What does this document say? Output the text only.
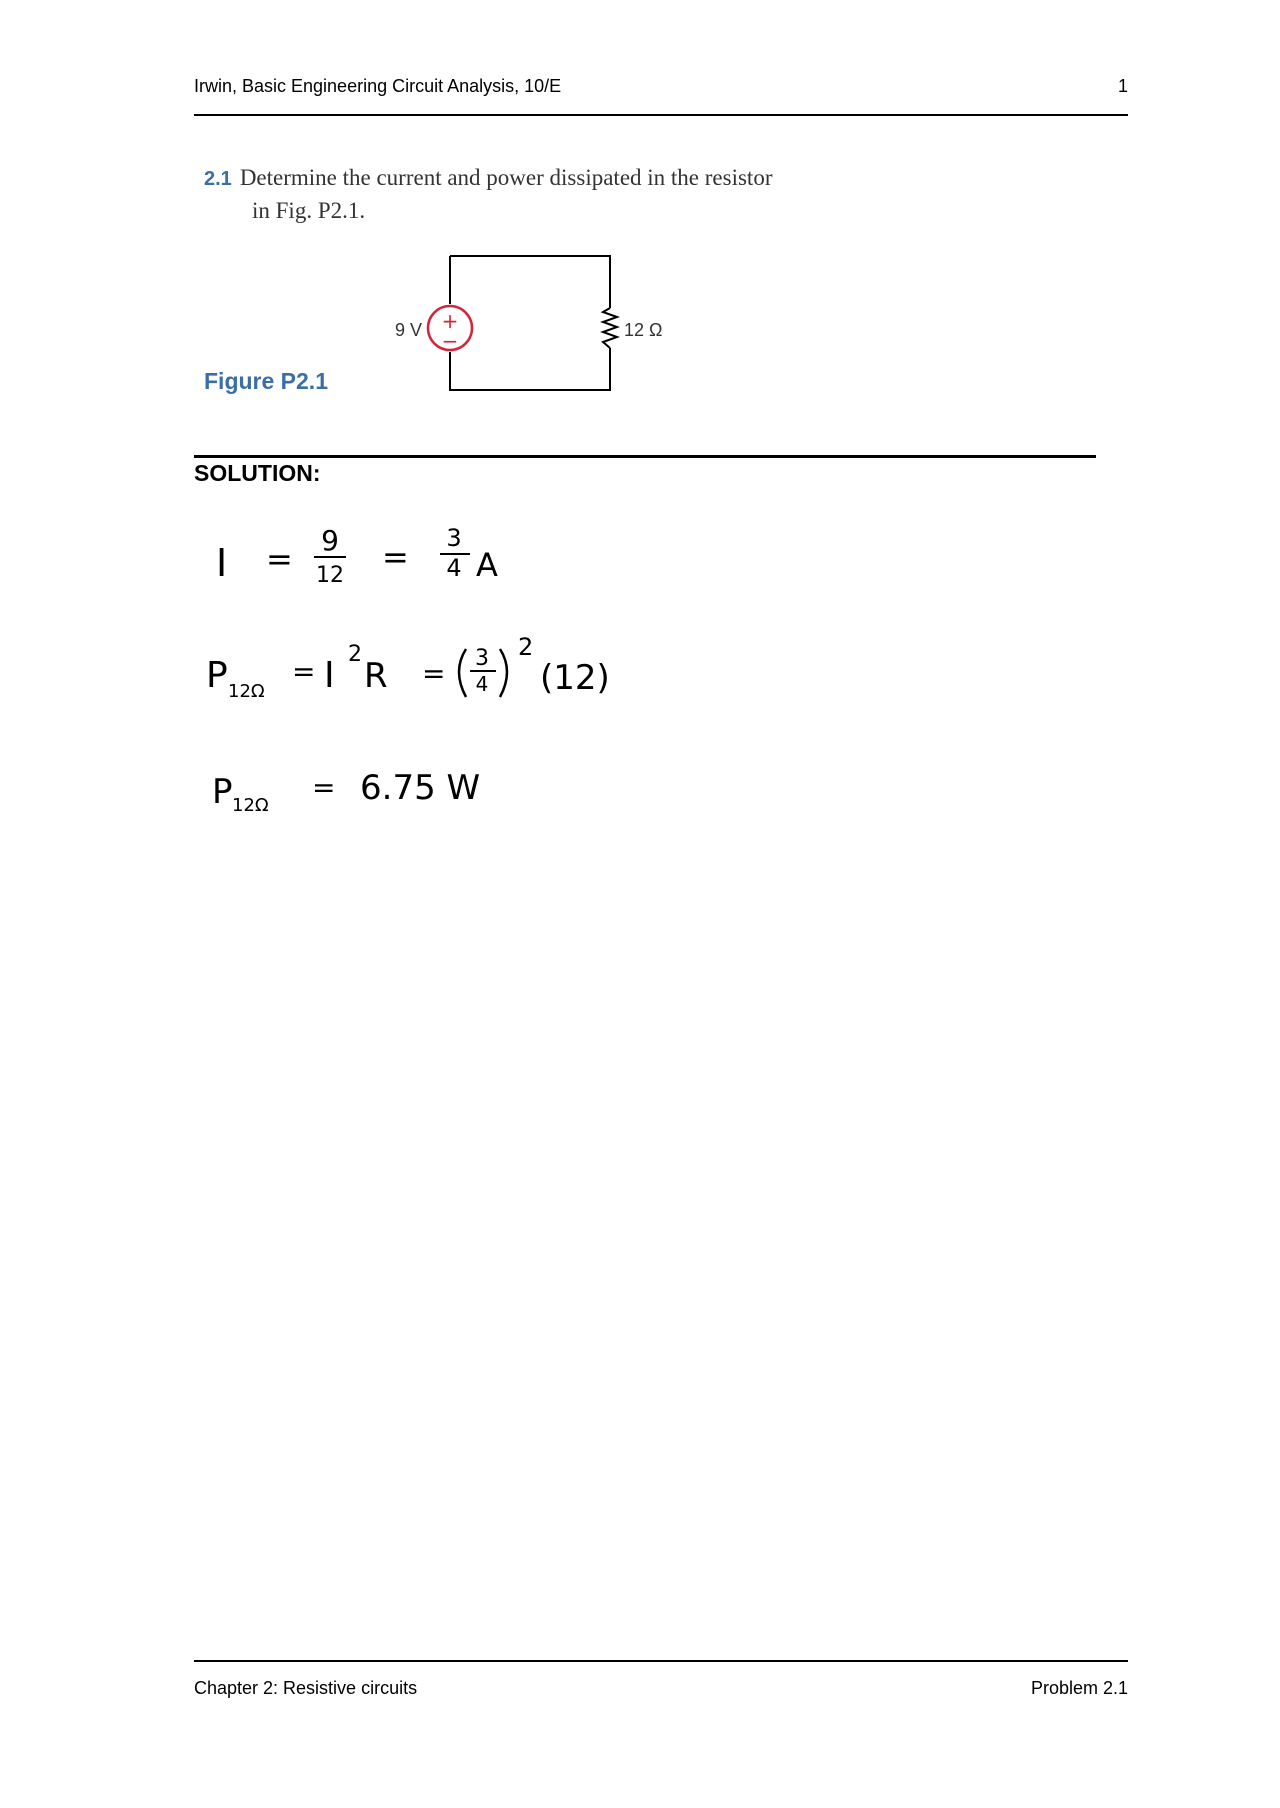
Irwin, Basic Engineering Circuit Analysis, 10/E	1
2.1 Determine the current and power dissipated in the resistor
in Fig. P2.1.
+
−
9 V	12 Ω
Figure P2.1
SOLUTION:
I = 9
12 = 3
4 A
P 12Ω
= I
2
R = 3
4
2
(12)
P 12Ω
= 6.75 W
Chapter 2: Resistive circuits	Problem 2.1
